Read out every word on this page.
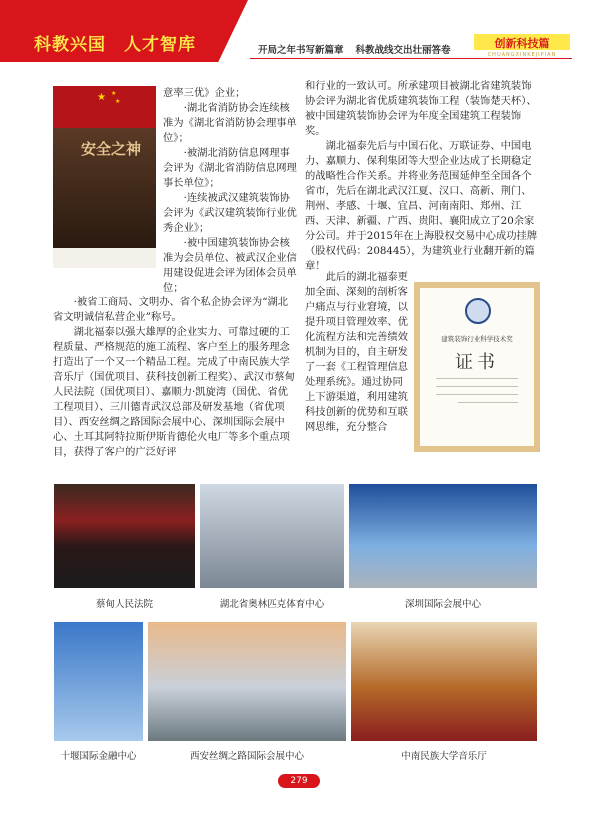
科教兴国　人才智库	开局之年书写新篇章 科教战线交出壮丽答卷
创新科技篇
CHUANGXINKEJIPIAN
★ ★
★
安全之神

意率三优》企业；

·湖北省消防协会连续核准为《湖北省消防协会理事单位》；

·被湖北消防信息网理事会评为《湖北省消防信息网理事长单位》；

·连续被武汉建筑装饰协会评为《武汉建筑装饰行业优秀企业》；

·被中国建筑装饰协会核准为会员单位、被武汉企业信用建设促进会评为团体会员单位；

·被省工商局、文明办、省个私企协会评为“湖北省文明诚信私营企业”称号。

湖北福泰以强大雄厚的企业实力、可靠过硬的工程质量、严格规范的施工流程、客户至上的服务理念打造出了一个又一个精品工程。完成了中南民族大学音乐厅（国优项目、获科技创新工程奖）、武汉市蔡甸人民法院（国优项目）、嘉顺力·凯旋湾（国优、省优工程项目）、三川德青武汉总部及研发基地（省优项目）、西安丝绸之路国际会展中心、深圳国际会展中心、土耳其阿特拉斯伊斯肯德伦火电厂等多个重点项目，获得了客户的广泛好评

和行业的一致认可。所承建项目被湖北省建筑装饰协会评为湖北省优质建筑装饰工程（装饰楚天杯）、被中国建筑装饰协会评为年度全国建筑工程装饰奖。

湖北福泰先后与中国石化、万联证券、中国电力、嘉顺力、保利集团等大型企业达成了长期稳定的战略性合作关系。并将业务范围延伸至全国各个省市，先后在湖北武汉江夏、汉口、高新、荆门、荆州、孝感、十堰、宜昌、河南南阳、郑州、江西、天津、新疆、广西、贵阳、襄阳成立了20余家分公司。并于2015年在上海股权交易中心成功挂牌（股权代码：208445），为建筑业行业翻开新的篇章！

此后的湖北福泰更加全面、深刻的剖析客户痛点与行业窘境，以提升项目管理效率、优化流程方法和完善绩效机制为目的，自主研发了一套《工程管理信息处理系统》。通过协同上下游渠道，利用建筑科技创新的优势和互联网思维，充分整合

建筑装饰行业科学技术奖
证书
蔡甸人民法院	湖北省奥林匹克体育中心	深圳国际会展中心
十堰国际金融中心	西安丝绸之路国际会展中心	中南民族大学音乐厅
279
